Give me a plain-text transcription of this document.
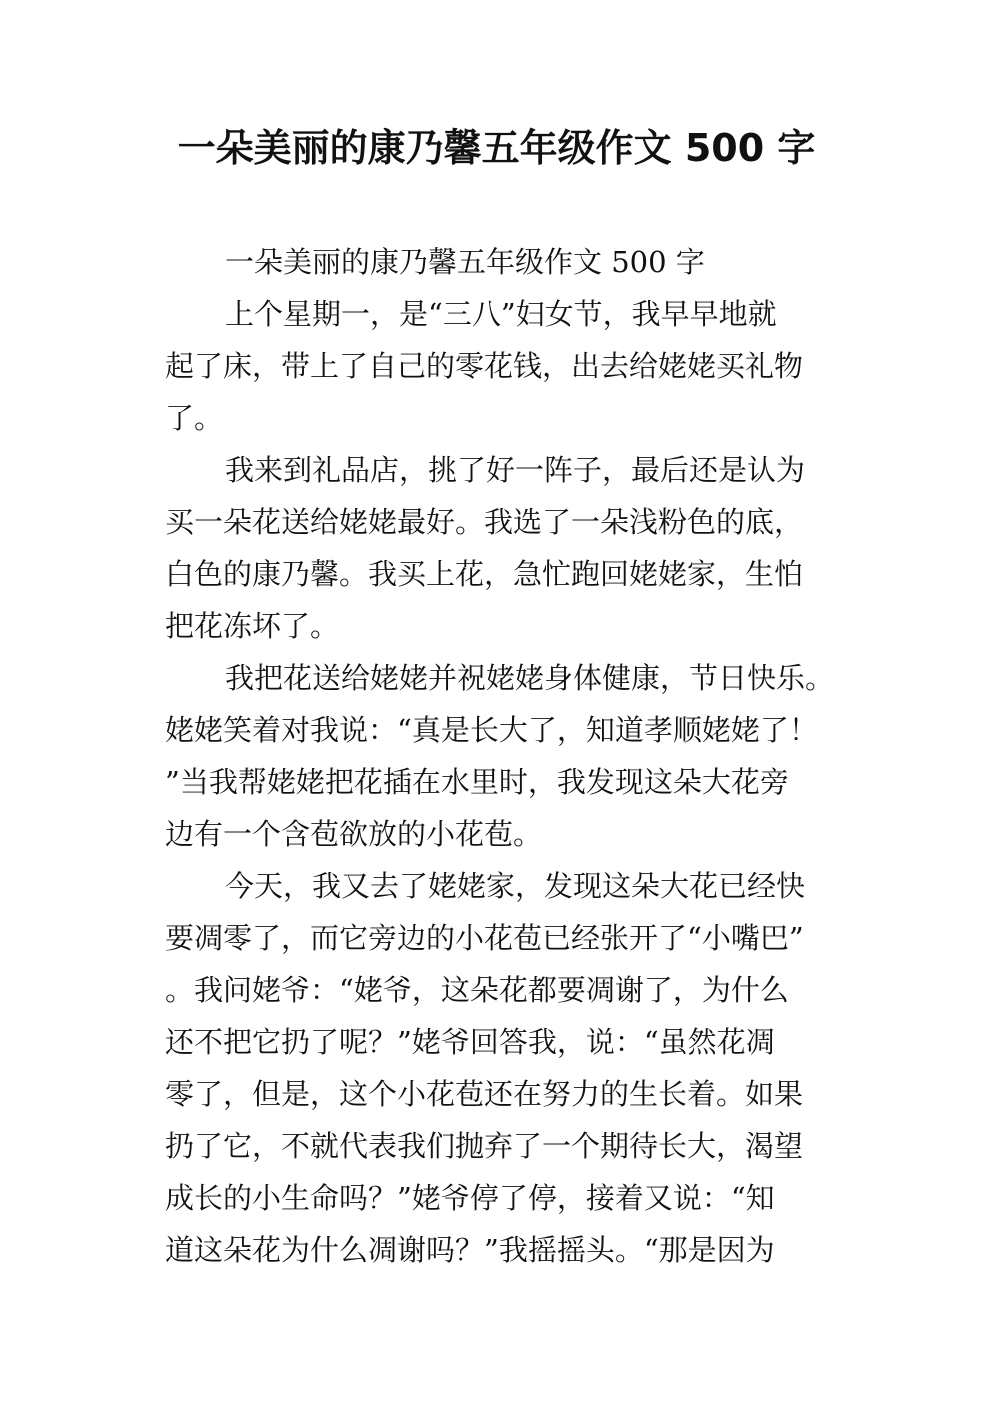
一朵美丽的康乃馨五年级作文 500 字
一朵美丽的康乃馨五年级作文 500 字
上个星期一，是“三八”妇女节，我早早地就
起了床，带上了自己的零花钱，出去给姥姥买礼物
了。
我来到礼品店，挑了好一阵子，最后还是认为
买一朵花送给姥姥最好。我选了一朵浅粉色的底，
白色的康乃馨。我买上花，急忙跑回姥姥家，生怕
把花冻坏了。
我把花送给姥姥并祝姥姥身体健康，节日快乐。
姥姥笑着对我说：“真是长大了，知道孝顺姥姥了！
”当我帮姥姥把花插在水里时，我发现这朵大花旁
边有一个含苞欲放的小花苞。
今天，我又去了姥姥家，发现这朵大花已经快
要凋零了，而它旁边的小花苞已经张开了“小嘴巴”
。我问姥爷：“姥爷，这朵花都要凋谢了，为什么
还不把它扔了呢？”姥爷回答我，说：“虽然花凋
零了，但是，这个小花苞还在努力的生长着。如果
扔了它，不就代表我们抛弃了一个期待长大，渴望
成长的小生命吗？”姥爷停了停，接着又说：“知
道这朵花为什么凋谢吗？”我摇摇头。“那是因为
